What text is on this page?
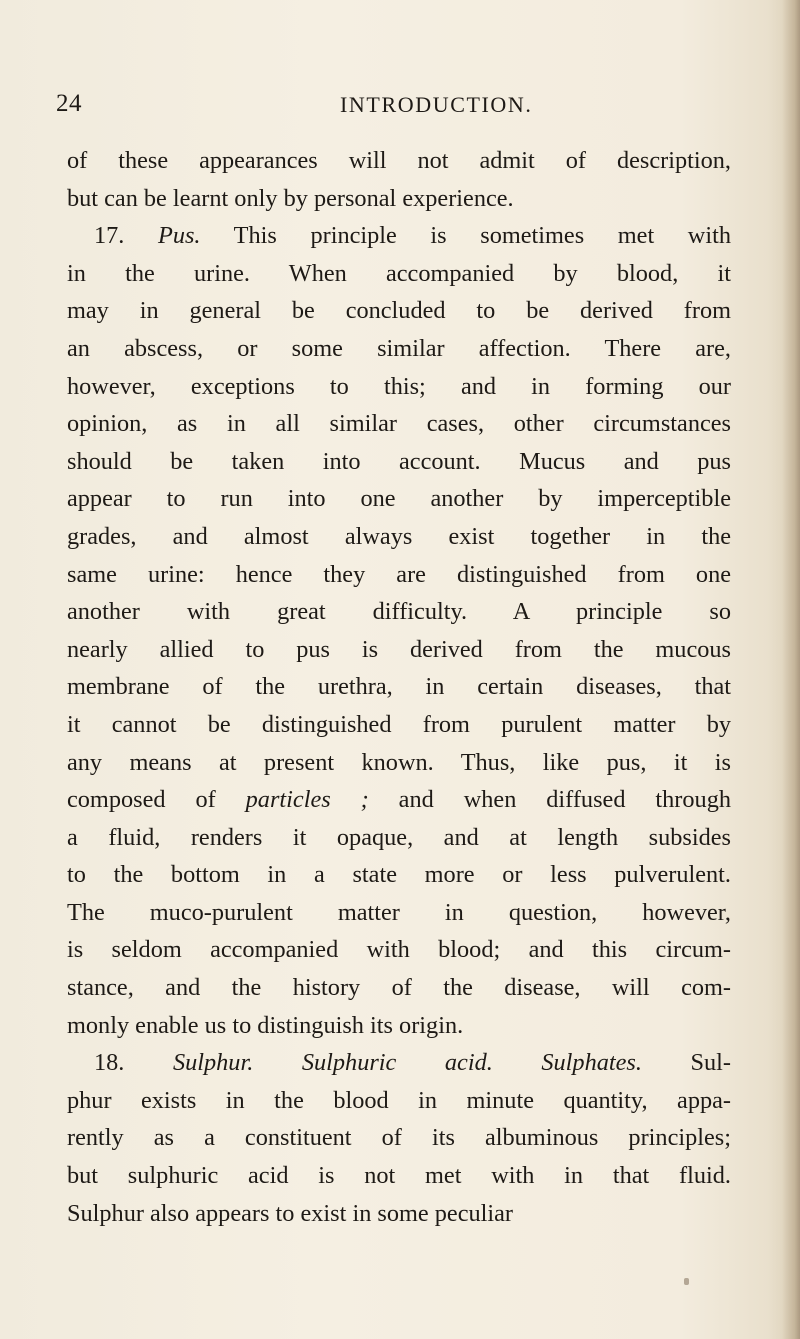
24	INTRODUCTION.
of these appearances will not admit of description,
but can be learnt only by personal experience.
17. Pus. This principle is sometimes met with
in the urine. When accompanied by blood, it
may in general be concluded to be derived from
an abscess, or some similar affection. There are,
however, exceptions to this; and in forming our
opinion, as in all similar cases, other circumstances
should be taken into account. Mucus and pus
appear to run into one another by imperceptible
grades, and almost always exist together in the
same urine: hence they are distinguished from one
another with great difficulty. A principle so
nearly allied to pus is derived from the mucous
membrane of the urethra, in certain diseases, that
it cannot be distinguished from purulent matter by
any means at present known. Thus, like pus, it is
composed of particles ; and when diffused through
a fluid, renders it opaque, and at length subsides
to the bottom in a state more or less pulverulent.
The muco-purulent matter in question, however,
is seldom accompanied with blood; and this circum-
stance, and the history of the disease, will com-
monly enable us to distinguish its origin.
18. Sulphur. Sulphuric acid. Sulphates. Sul-
phur exists in the blood in minute quantity, appa-
rently as a constituent of its albuminous principles;
but sulphuric acid is not met with in that fluid.
Sulphur also appears to exist in some peculiar
